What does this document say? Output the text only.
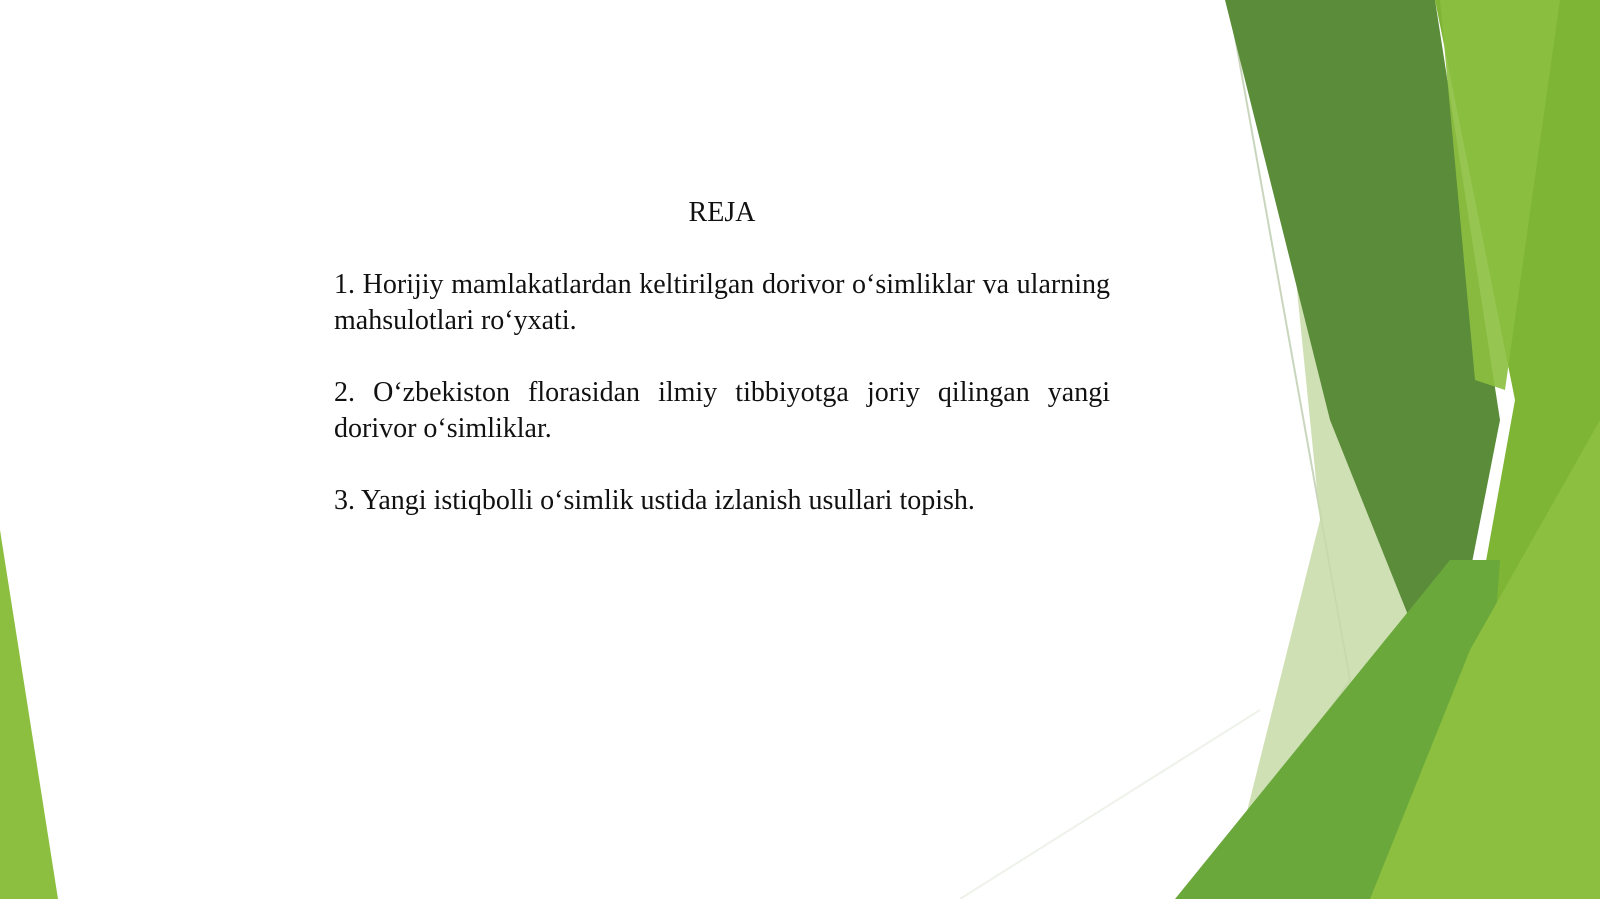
REJA
1. Horijiy mamlakatlardan keltirilgan dorivor o‘simliklar va ularning mahsulotlari ro‘yxati.
2. O‘zbekiston florasidan ilmiy tibbiyotga joriy qilingan yangi dorivor o‘simliklar.
3. Yangi istiqbolli o‘simlik ustida izlanish usullari topish.
